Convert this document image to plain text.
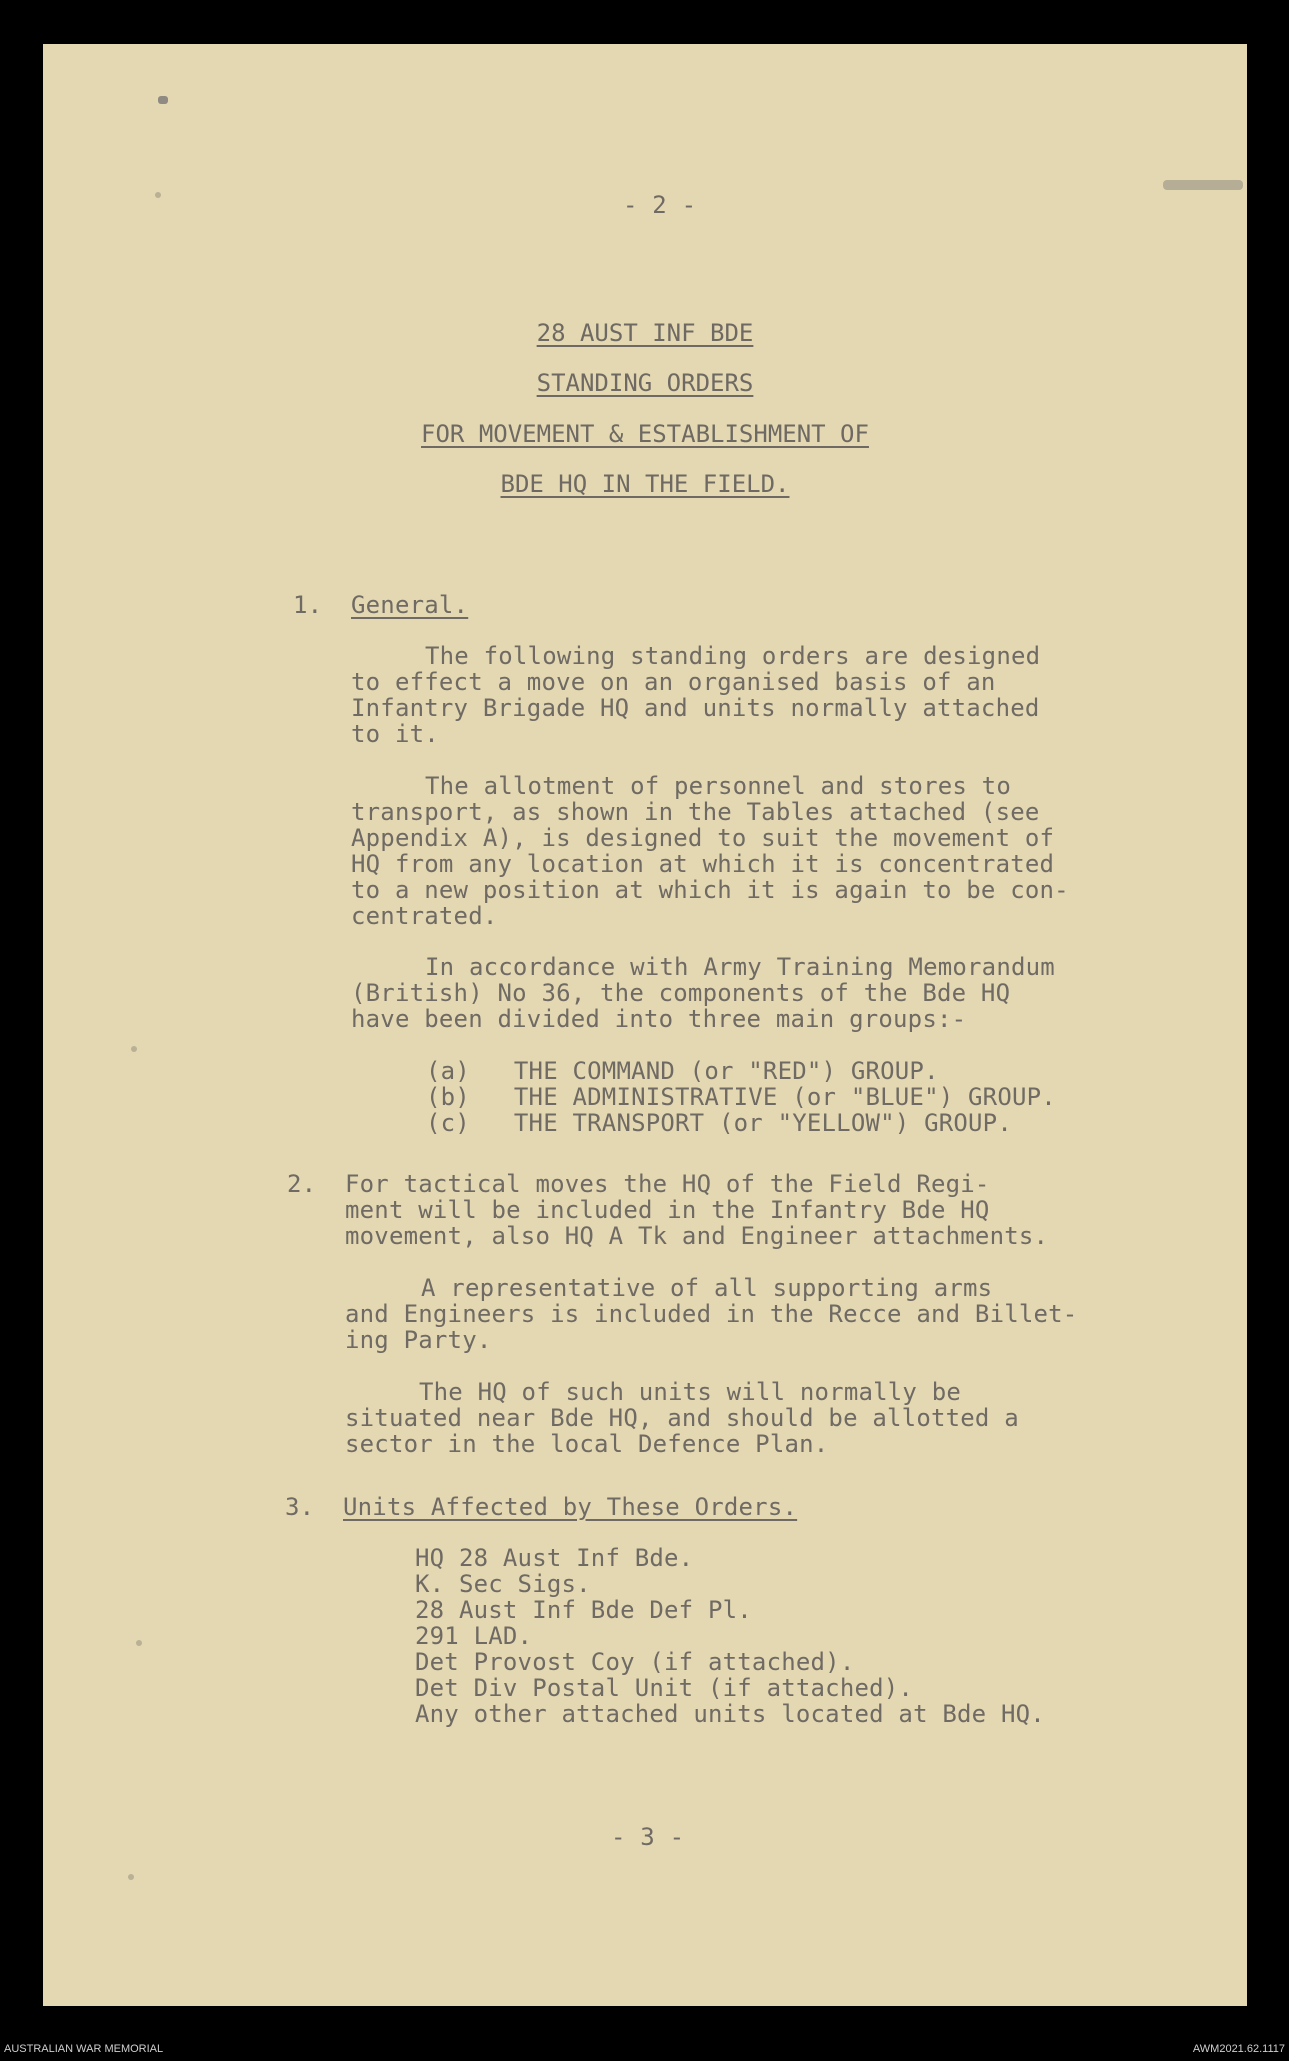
- 2 -
28 AUST INF BDE
STANDING ORDERS
FOR MOVEMENT & ESTABLISHMENT OF
BDE HQ IN THE FIELD.
1. General.
The following standing orders are designed
to effect a move on an organised basis of an
Infantry Brigade HQ and units normally attached
to it.
The allotment of personnel and stores to
transport, as shown in the Tables attached (see
Appendix A), is designed to suit the movement of
HQ from any location at which it is concentrated
to a new position at which it is again to be con-
centrated.
In accordance with Army Training Memorandum
(British) No 36, the components of the Bde HQ
have been divided into three main groups:-
(a)   THE COMMAND (or "RED") GROUP.
(b)   THE ADMINISTRATIVE (or "BLUE") GROUP.
(c)   THE TRANSPORT (or "YELLOW") GROUP.
2. For tactical moves the HQ of the Field Regi-
ment will be included in the Infantry Bde HQ
movement, also HQ A Tk and Engineer attachments.
A representative of all supporting arms
and Engineers is included in the Recce and Billet-
ing Party.
The HQ of such units will normally be
situated near Bde HQ, and should be allotted a
sector in the local Defence Plan.
3. Units Affected by These Orders.
HQ 28 Aust Inf Bde.
K. Sec Sigs.
28 Aust Inf Bde Def Pl.
291 LAD.
Det Provost Coy (if attached).
Det Div Postal Unit (if attached).
Any other attached units located at Bde HQ.
- 3 -
AUSTRALIAN WAR MEMORIAL	AWM2021.62.1117
